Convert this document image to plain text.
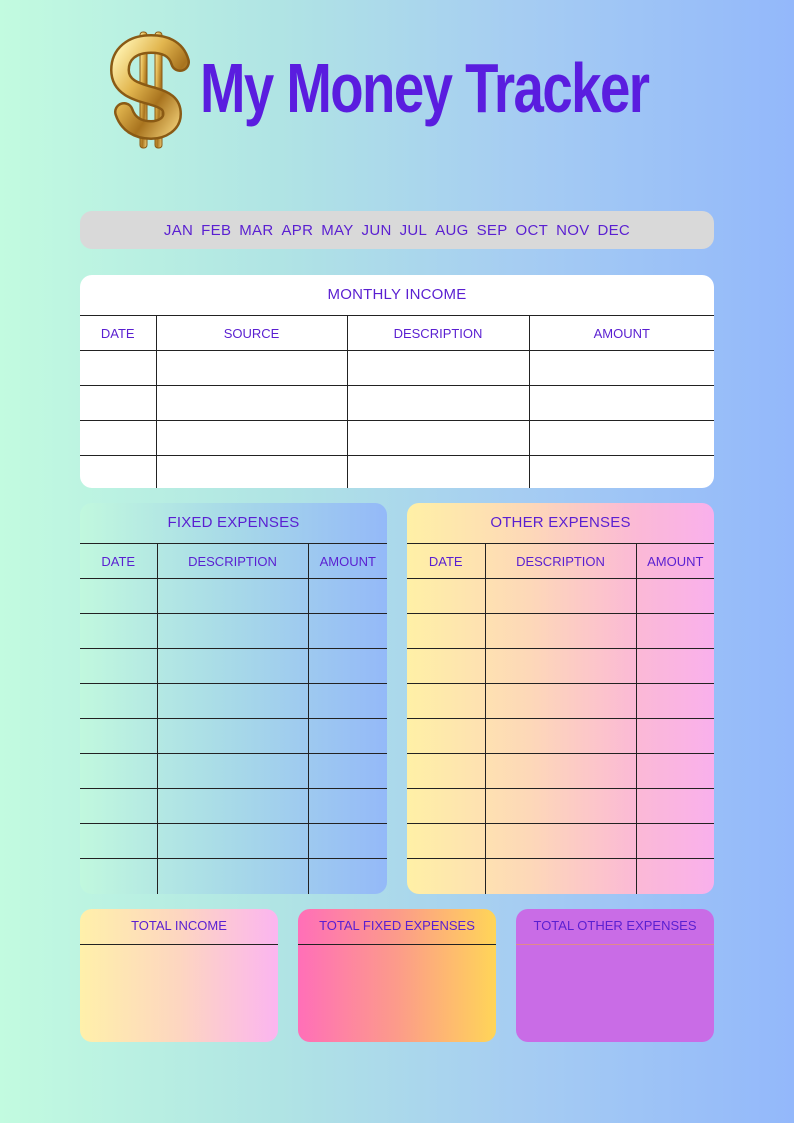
My Money Tracker
JAN FEB MAR APR MAY JUN JUL AUG SEP OCT NOV DEC
MONTHLY INCOME
DATE	SOURCE	DESCRIPTION	AMOUNT

FIXED EXPENSES
DATE	DESCRIPTION	AMOUNT

OTHER EXPENSES
DATE	DESCRIPTION	AMOUNT

TOTAL INCOME	TOTAL FIXED EXPENSES	TOTAL OTHER EXPENSES
